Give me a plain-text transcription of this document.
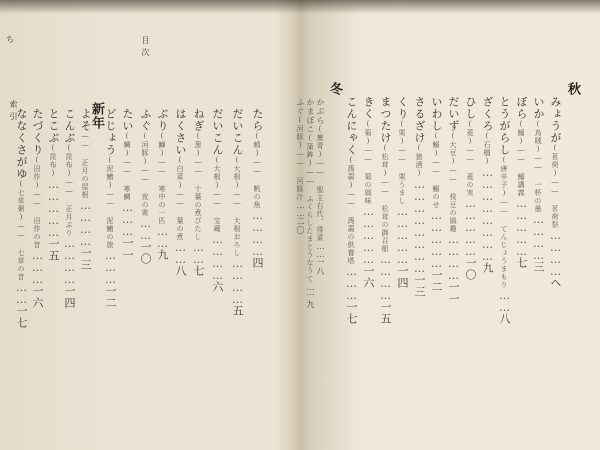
ち	目次
索引	たら(鱈)―― 帆の魚…………四
だいこん(大根)―― 大根おろし…………五
だいこん(大根)―― 宝蔵…………六
ねぎ(葱)―― 十葉の煮びたし……七
はくさい(白菜)―― 葉の煮……八
ぶり(鰤)―― 寒中の一匹……九
ふぐ(河豚)―― 夜の衆……一〇
たい(鯛)―― 寒鯛………一一
どじょう(泥鰌)―― 泥鰌の旅………一二
新年
よそ―― 正月の屋根…………一三
こんぶ(昆布)―― 正月ぶり…………一四
とこぶ(昆布)……………一五
たづくり(田作)―― 田作の昔………一六
ななくさがゆ(七草粥)―― 七草の音……一七
秋
みょうが(茗荷)―― 茗荷祭…………ヘ
いか(烏賊)―― 一杯の墨…………三
ぼら(鯔)―― 鯔講義……………七
とうがらし(唐辛子)―― てんじょうまもり……八
ざくろ(石榴)……………………九
ひし(菱)―― 菱の実……………一〇
だいず(大豆)―― 枝豆の風趣…………一一
いわし(鰯)―― 鰯のせ……………一二
さるざけ(猿酒)……………………一三
くり(栗)―― 栗うまし……………一四
まつたけ(松茸)―― 松茸の御召船…………一五
きく(菊)―― 菊の風味……………一六
こんにゃく(蒟蒻)―― 蒟蒻の供養塔………一七
冬
かぶら(蕪青)―― 聖主右代、俳菜……一八
かまぼこ(蒲鉾)―― ふくらしたまとうなうて…一九
ふぐ(河豚)―― 河豚汁……二〇
